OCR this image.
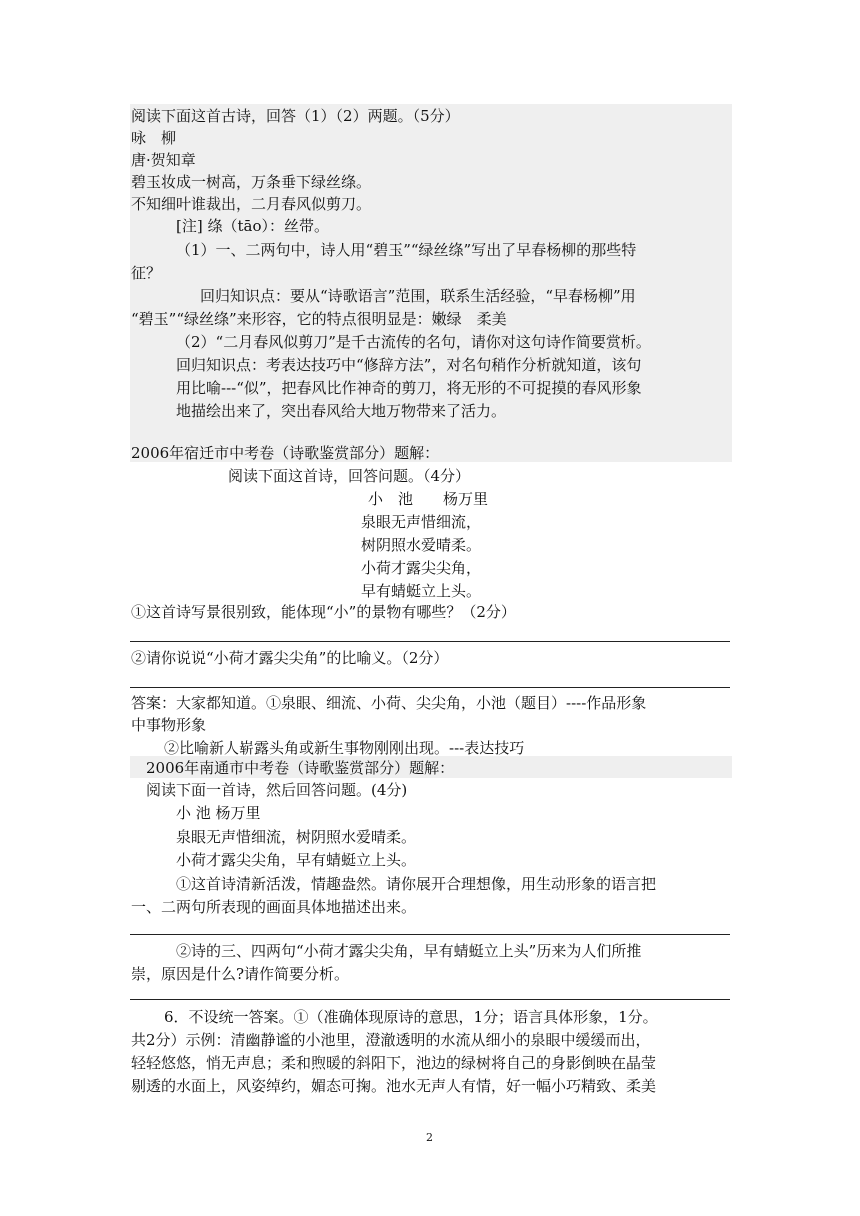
阅读下面这首古诗，回答（1）（2）两题。（5分）
咏　柳
唐·贺知章
碧玉妆成一树高，万条垂下绿丝绦。
不知细叶谁裁出，二月春风似剪刀。
[注] 绦（tāo）：丝带。
（1）一、二两句中，诗人用“碧玉”“绿丝绦”写出了早春杨柳的那些特
征？
回归知识点：要从“诗歌语言”范围，联系生活经验，“早春杨柳”用
“碧玉”“绿丝绦”来形容，它的特点很明显是：嫩绿　柔美
（2）“二月春风似剪刀”是千古流传的名句，请你对这句诗作简要赏析。
回归知识点：考表达技巧中“修辞方法”，对名句稍作分析就知道，该句
用比喻---“似”，把春风比作神奇的剪刀，将无形的不可捉摸的春风形象
地描绘出来了，突出春风给大地万物带来了活力。
2006年宿迁市中考卷（诗歌鉴赏部分）题解：
阅读下面这首诗，回答问题。（4分）
小　池　　杨万里
泉眼无声惜细流，
树阴照水爱晴柔。
小荷才露尖尖角，
早有蜻蜓立上头。
①这首诗写景很别致，能体现“小”的景物有哪些？（2分）
②请你说说“小荷才露尖尖角”的比喻义。（2分）
答案：大家都知道。①泉眼、细流、小荷、尖尖角，小池（题目）----作品形象
中事物形象
②比喻新人崭露头角或新生事物刚刚出现。---表达技巧
2006年南通市中考卷（诗歌鉴赏部分）题解：
阅读下面一首诗，然后回答问题。(4分)
小 池 杨万里
泉眼无声惜细流，树阴照水爱晴柔。
小荷才露尖尖角，早有蜻蜓立上头。
①这首诗清新活泼，情趣盎然。请你展开合理想像，用生动形象的语言把
一、二两句所表现的画面具体地描述出来。
②诗的三、四两句“小荷才露尖尖角，早有蜻蜓立上头”历来为人们所推
崇，原因是什么?请作简要分析。
6．不设统一答案。①（准确体现原诗的意思，1分；语言具体形象，1分。
共2分）示例：清幽静谧的小池里，澄澈透明的水流从细小的泉眼中缓缓而出，
轻轻悠悠，悄无声息；柔和煦暖的斜阳下，池边的绿树将自己的身影倒映在晶莹
剔透的水面上，风姿绰约，媚态可掬。池水无声人有情，好一幅小巧精致、柔美
2
